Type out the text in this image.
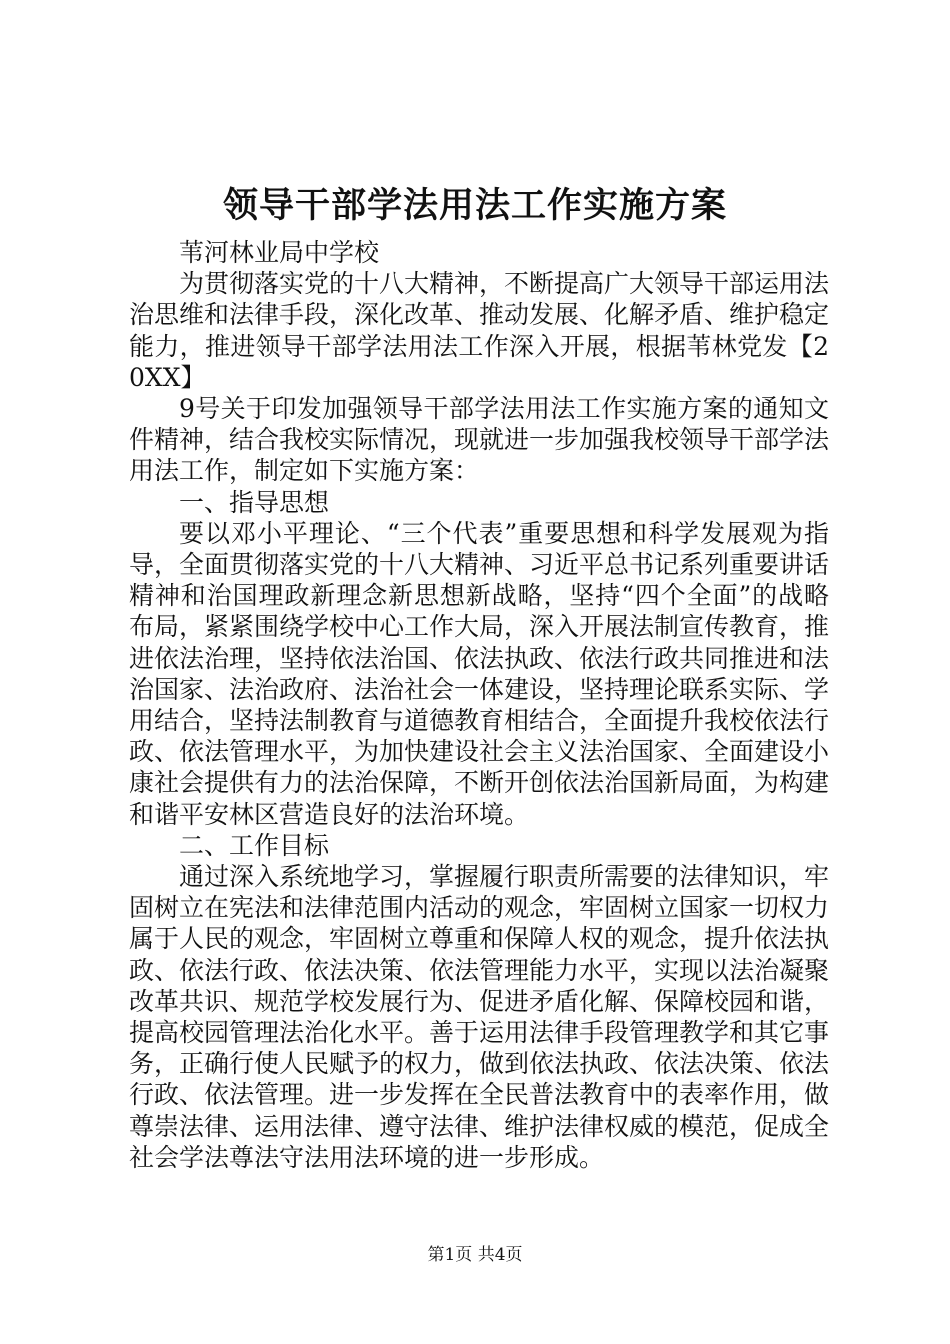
领导干部学法用法工作实施方案

苇河林业局中学校

为贯彻落实党的十八大精神，不断提高广大领导干部运用法治思维和法律手段，深化改革、推动发展、化解矛盾、维护稳定能力，推进领导干部学法用法工作深入开展，根据苇林党发【20XX】

9号关于印发加强领导干部学法用法工作实施方案的通知文件精神，结合我校实际情况，现就进一步加强我校领导干部学法用法工作，制定如下实施方案：

一、指导思想

要以邓小平理论、“三个代表”重要思想和科学发展观为指导，全面贯彻落实党的十八大精神、习近平总书记系列重要讲话精神和治国理政新理念新思想新战略，坚持“四个全面”的战略布局，紧紧围绕学校中心工作大局，深入开展法制宣传教育，推进依法治理，坚持依法治国、依法执政、依法行政共同推进和法治国家、法治政府、法治社会一体建设，坚持理论联系实际、学用结合，坚持法制教育与道德教育相结合，全面提升我校依法行政、依法管理水平，为加快建设社会主义法治国家、全面建设小康社会提供有力的法治保障，不断开创依法治国新局面，为构建和谐平安林区营造良好的法治环境。

二、工作目标

通过深入系统地学习，掌握履行职责所需要的法律知识，牢固树立在宪法和法律范围内活动的观念，牢固树立国家一切权力属于人民的观念，牢固树立尊重和保障人权的观念，提升依法执政、依法行政、依法决策、依法管理能力水平，实现以法治凝聚改革共识、规范学校发展行为、促进矛盾化解、保障校园和谐，提高校园管理法治化水平。善于运用法律手段管理教学和其它事务，正确行使人民赋予的权力，做到依法执政、依法决策、依法行政、依法管理。进一步发挥在全民普法教育中的表率作用，做尊崇法律、运用法律、遵守法律、维护法律权威的模范，促成全社会学法尊法守法用法环境的进一步形成。

第1页 共4页
